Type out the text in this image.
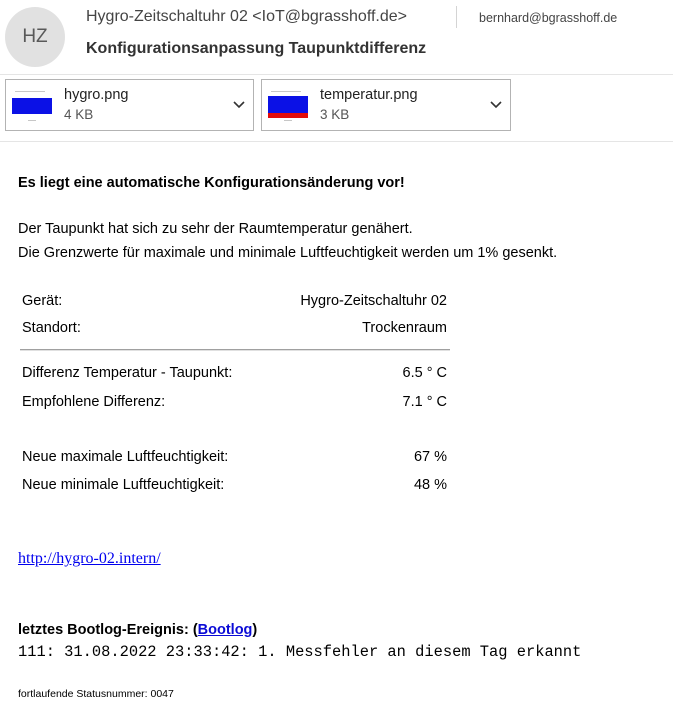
HZ
Hygro-Zeitschaltuhr 02 <IoT@bgrasshoff.de>	bernhard@bgrasshoff.de
Konfigurationsanpassung Taupunktdifferenz
hygro.png
4 KB
temperatur.png
3 KB
Es liegt eine automatische Konfigurationsänderung vor!
Der Taupunkt hat sich zu sehr der Raumtemperatur genähert.
Die Grenzwerte für maximale und minimale Luftfeuchtigkeit werden um 1% gesenkt.
Gerät:	Hygro-Zeitschaltuhr 02
Standort:	Trockenraum
Differenz Temperatur - Taupunkt:	6.5 ° C
Empfohlene Differenz:	7.1 ° C
Neue maximale Luftfeuchtigkeit:	67 %
Neue minimale Luftfeuchtigkeit:	48 %
http://hygro-02.intern/
letztes Bootlog-Ereignis: (Bootlog)
111: 31.08.2022 23:33:42: 1. Messfehler an diesem Tag erkannt
fortlaufende Statusnummer: 0047
